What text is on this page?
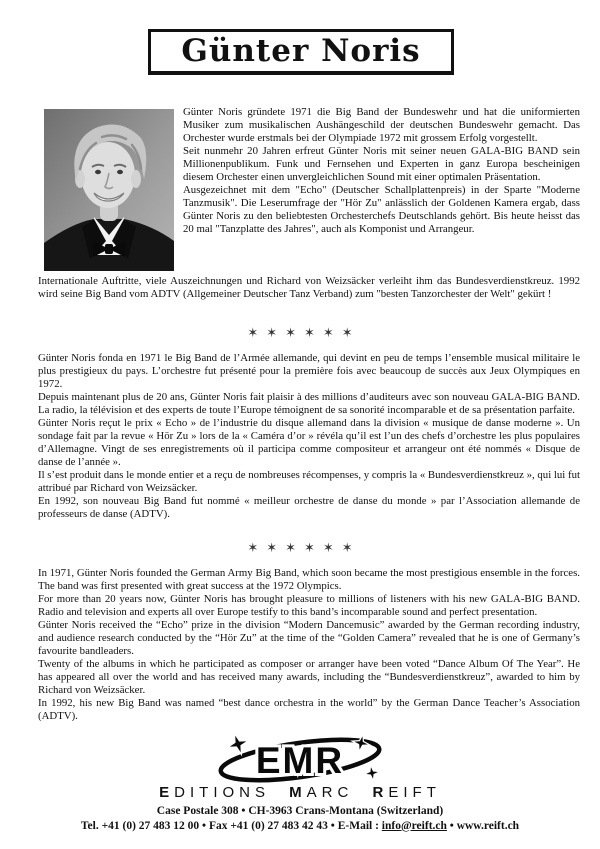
Günter Noris

Günter Noris gründete 1971 die Big Band der Bundeswehr und hat die uniformierten Musiker zum musikalischen Aushängeschild der deutschen Bundeswehr gemacht. Das Orchester wurde erstmals bei der Olympiade 1972 mit grossem Erfolg vorgestellt.

Seit nunmehr 20 Jahren erfreut Günter Noris mit seiner neuen GALA-BIG BAND sein Millionenpublikum. Funk und Fernsehen und Experten in ganz Europa bescheinigen diesem Orchester einen unvergleichlichen Sound mit einer optimalen Präsentation.

Ausgezeichnet mit dem "Echo" (Deutscher Schallplattenpreis) in der Sparte "Moderne Tanzmusik". Die Leserumfrage der "Hör Zu" anlässlich der Goldenen Kamera ergab, dass Günter Noris zu den beliebtesten Orchesterchefs Deutschlands gehört. Bis heute heisst das 20 mal "Tanzplatte des Jahres", auch als Komponist und Arrangeur.

Internationale Auftritte, viele Auszeichnungen und Richard von Weizsäcker verleiht ihm das Bundesverdienstkreuz. 1992 wird seine Big Band vom ADTV (Allgemeiner Deutscher Tanz Verband) zum "besten Tanzorchester der Welt" gekürt !

✶✶✶✶✶✶

Günter Noris fonda en 1971 le Big Band de l’Armée allemande, qui devint en peu de temps l’ensemble musical militaire le plus prestigieux du pays. L’orchestre fut présenté pour la première fois avec beaucoup de succès aux Jeux Olympiques en 1972.

Depuis maintenant plus de 20 ans, Günter Noris fait plaisir à des millions d’auditeurs avec son nouveau GALA-BIG BAND. La radio, la télévision et des experts de toute l’Europe témoignent de sa sonorité incomparable et de sa présentation parfaite.

Günter Noris reçut le prix « Echo » de l’industrie du disque allemand dans la division « musique de danse moderne ». Un sondage fait par la revue « Hör Zu » lors de la « Caméra d’or » révéla qu’il est l’un des chefs d’orchestre les plus populaires d’Allemagne. Vingt de ses enregistrements où il participa comme compositeur et arrangeur ont été nommés « Disque de danse de l’année ».

Il s’est produit dans le monde entier et a reçu de nombreuses récompenses, y compris la « Bundesverdienstkreuz », qui lui fut attribué par Richard von Weizsäcker.

En 1992, son nouveau Big Band fut nommé « meilleur orchestre de danse du monde » par l’Association allemande de professeurs de danse (ADTV).

✶✶✶✶✶✶

In 1971, Günter Noris founded the German Army Big Band, which soon became the most prestigious ensemble in the forces. The band was first presented with great success at the 1972 Olympics.

For more than 20 years now, Günter Noris has brought pleasure to millions of listeners with his new GALA-BIG BAND. Radio and television and experts all over Europe testify to this band’s incomparable sound and perfect presentation.

Günter Noris received the “Echo” prize in the division “Modern Dancemusic” awarded by the German recording industry, and audience research conducted by the “Hör Zu” at the time of the “Golden Camera” revealed that he is one of Germany’s favourite bandleaders.

Twenty of the albums in which he participated as composer or arranger have been voted “Dance Album Of The Year”. He has appeared all over the world and has received many awards, including the “Bundesverdienstkreuz”, awarded to him by Richard von Weizsäcker.

In 1992, his new Big Band was named “best dance orchestra in the world” by the German Dance Teacher’s Association (ADTV).

EMR
EDITIONS MARC REIFT
Case Postale 308 • CH-3963 Crans-Montana (Switzerland)
Tel. +41 (0) 27 483 12 00 • Fax +41 (0) 27 483 42 43 • E-Mail : info@reift.ch • www.reift.ch
